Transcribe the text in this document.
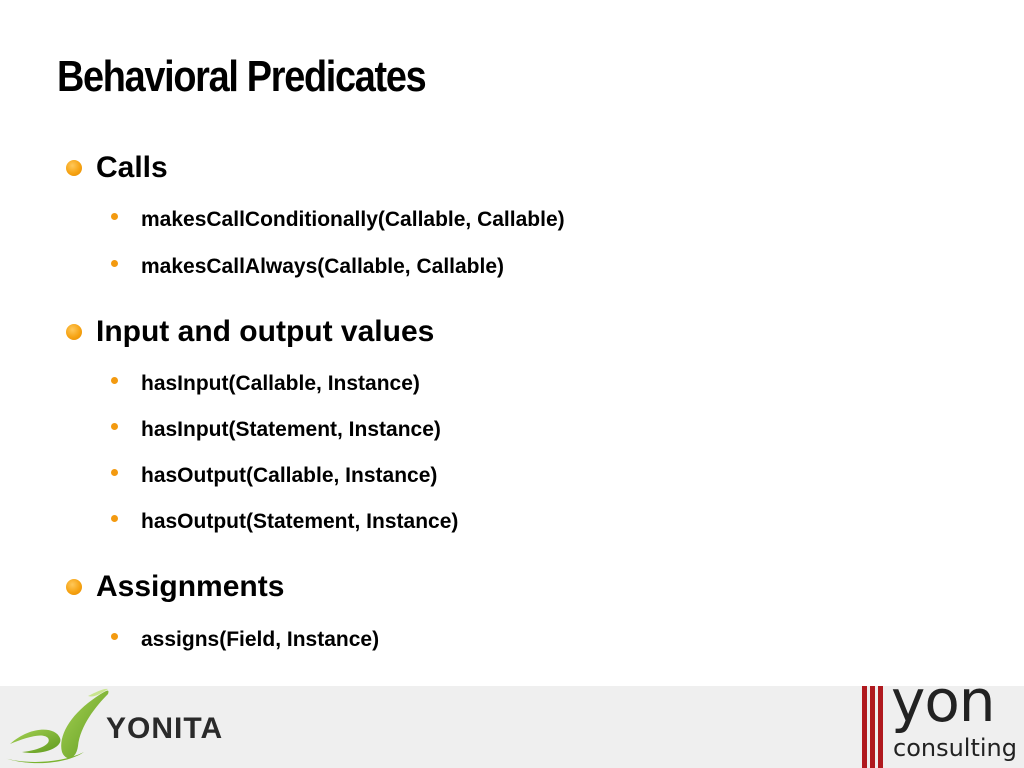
Behavioral Predicates
Calls
makesCallConditionally(Callable, Callable)
makesCallAlways(Callable, Callable)
Input and output values
hasInput(Callable, Instance)
hasInput(Statement, Instance)
hasOutput(Callable, Instance)
hasOutput(Statement, Instance)
Assignments
assigns(Field, Instance)
YONITA	yon
consulting
